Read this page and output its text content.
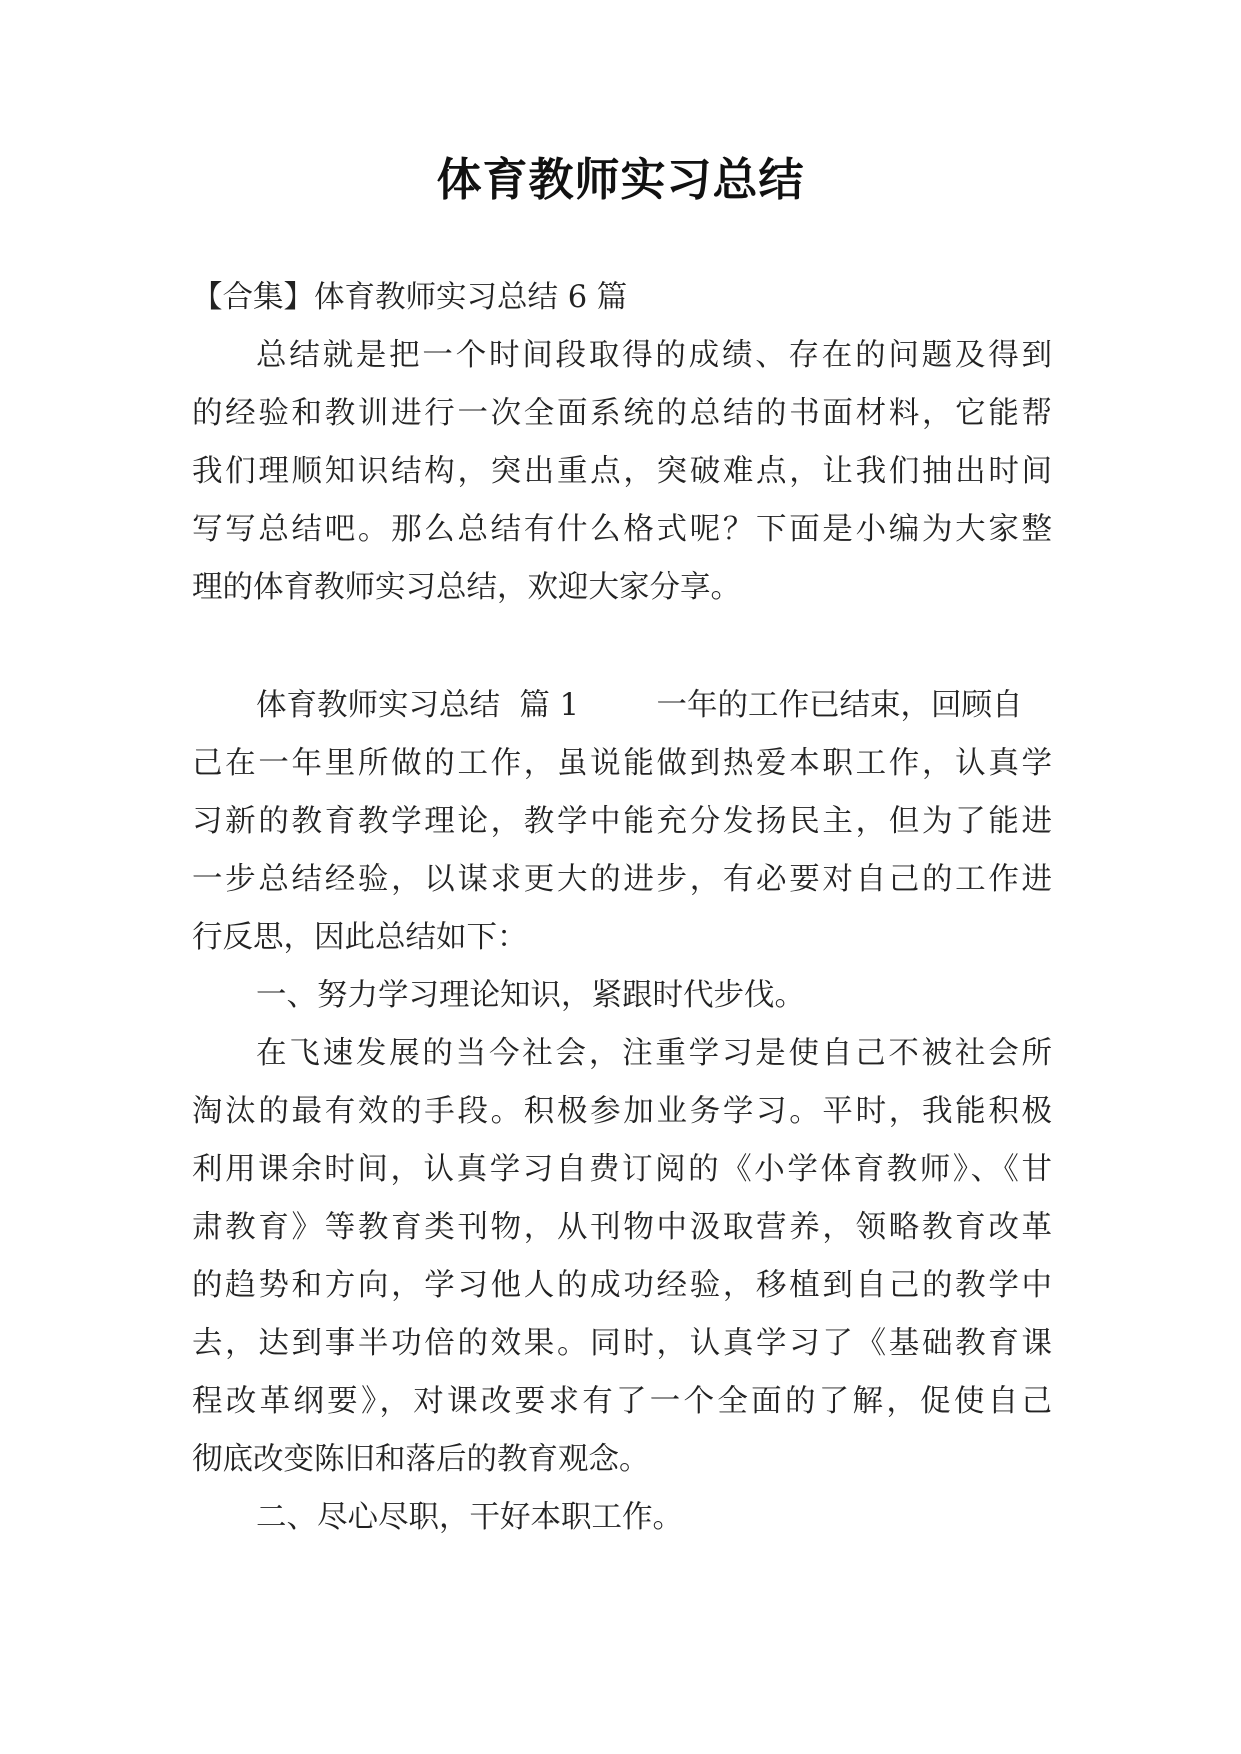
体育教师实习总结
【合集】体育教师实习总结 6 篇
总结就是把一个时间段取得的成绩、存在的问题及得到
的经验和教训进行一次全面系统的总结的书面材料，它能帮
我们理顺知识结构，突出重点，突破难点，让我们抽出时间
写写总结吧。那么总结有什么格式呢？下面是小编为大家整
理的体育教师实习总结，欢迎大家分享。
体育教师实习总结  篇 1        一年的工作已结束，回顾自
己在一年里所做的工作，虽说能做到热爱本职工作，认真学
习新的教育教学理论，教学中能充分发扬民主，但为了能进
一步总结经验，以谋求更大的进步，有必要对自己的工作进
行反思，因此总结如下：
一、努力学习理论知识，紧跟时代步伐。
在飞速发展的当今社会，注重学习是使自己不被社会所
淘汰的最有效的手段。积极参加业务学习。平时，我能积极
利用课余时间，认真学习自费订阅的《小学体育教师》、《甘
肃教育》等教育类刊物，从刊物中汲取营养，领略教育改革
的趋势和方向，学习他人的成功经验，移植到自己的教学中
去，达到事半功倍的效果。同时，认真学习了《基础教育课
程改革纲要》，对课改要求有了一个全面的了解，促使自己
彻底改变陈旧和落后的教育观念。
二、尽心尽职，干好本职工作。
